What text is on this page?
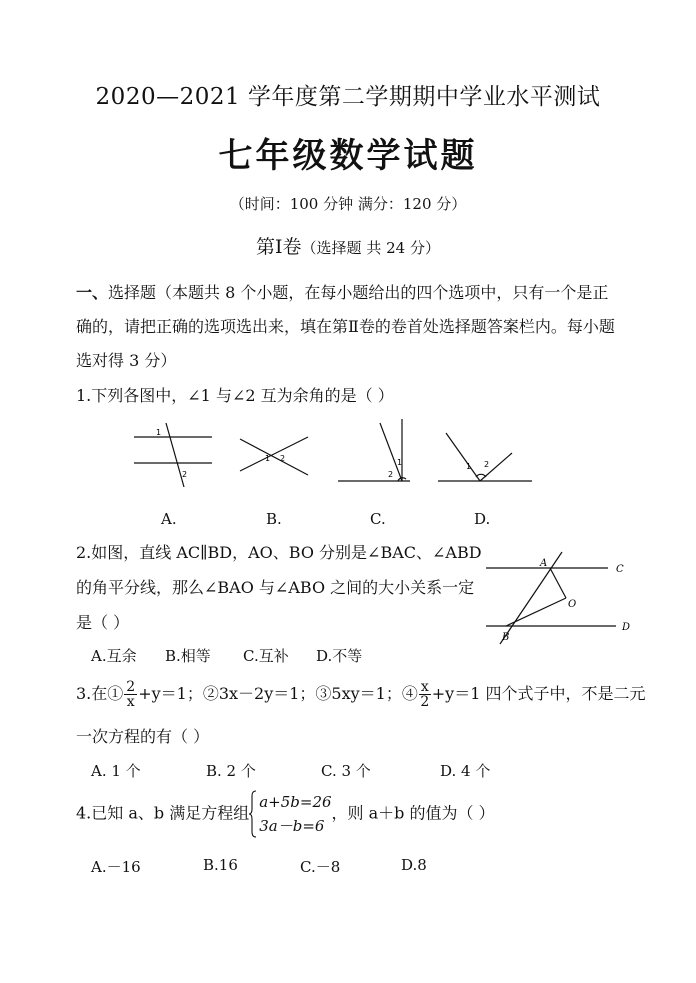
2020—2021 学年度第二学期期中学业水平测试
七年级数学试题
（时间：100 分钟 满分：120 分）
第Ⅰ卷（选择题 共 24 分）
一、选择题（本题共 8 个小题，在每小题给出的四个选项中，只有一个是正确的，请把正确的选项选出来，填在第Ⅱ卷的卷首处选择题答案栏内。每小题选对得 3 分）
1.下列各图中，∠1 与∠2 互为余角的是（ ）
1
2
1 2
2
1	1 2
A.	B.	C.	D.
2.如图，直线 AC∥BD，AO、BO 分别是∠BAC、∠ABD
的角平分线，那么∠BAO 与∠ABO 之间的大小关系一定
是（ ）
A
C
O
B
D
A.互余 B.相等 C.互补 D.不等
3.在① $\frac{2}{x} +y=1$；②3x－2y＝1；③5xy＝1；④ $\frac{x}{2} +y=1$ 四个式子中，不是二元
一次方程的有（ ）
A. 1 个	B. 2 个	C. 3 个	D. 4 个
4.已知 a、b 满足方程组
a+5b=26
3a－b=6
，则 a＋b 的值为（ ）
A.－16	B.16	C.－8	D.8
